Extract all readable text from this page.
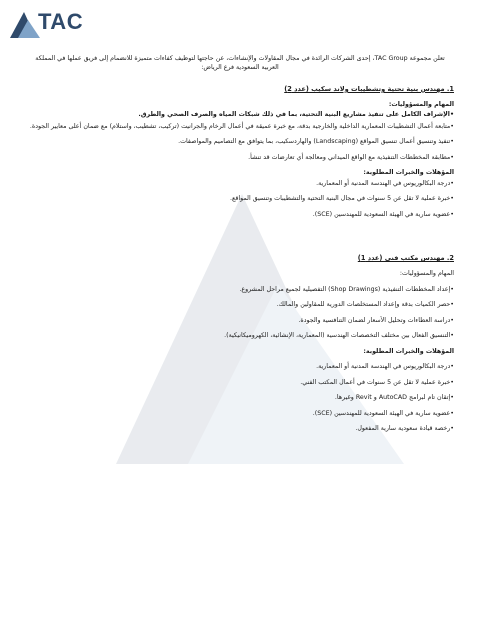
TAC

تعلن مجموعة TAC Group، إحدى الشركات الرائدة في مجال المقاولات والإنشاءات، عن حاجتها لتوظيف كفاءات متميزة للانضمام إلى فريق عملها في المملكة العربية السعودية فرع الرياض:

1. مهندس بنية تحتية وتشطيبات ولاند سكيب (عدد 2)
المهام والمسؤوليات:
•الإشراف الكامل على تنفيذ مشاريع البنية التحتية، بما في ذلك شبكات المياه والصرف الصحي والطرق.
•متابعة أعمال التشطيبات المعمارية الداخلية والخارجية بدقة، مع خبرة عميقة في أعمال الرخام والجرانيت (تركيب، تشطيب، واستلام) مع ضمان أعلى معايير الجودة.
•تنفيذ وتنسيق أعمال تنسيق المواقع (Landscaping) والهاردسكيب، بما يتوافق مع التصاميم والمواصفات.
•مطابقة المخططات التنفيذية مع الواقع الميداني ومعالجة أي تعارضات قد تنشأ.
المؤهلات والخبرات المطلوبة:
•درجة البكالوريوس في الهندسة المدنية أو المعمارية.
•خبرة عملية لا تقل عن 5 سنوات في مجال البنية التحتية والتشطيبات وتنسيق المواقع.
•عضوية سارية في الهيئة السعودية للمهندسين (SCE).
2. مهندس مكتب فني (عدد 1)
المهام والمسؤوليات:
•إعداد المخططات التنفيذية (Shop Drawings) التفصيلية لجميع مراحل المشروع.
•حصر الكميات بدقة وإعداد المستخلصات الدورية للمقاولين والمالك.
•دراسة العطاءات وتحليل الأسعار لضمان التنافسية والجودة.
•التنسيق الفعال بين مختلف التخصصات الهندسية (المعمارية، الإنشائية، الكهروميكانيكية).
المؤهلات والخبرات المطلوبة:
•درجة البكالوريوس في الهندسة المدنية أو المعمارية.
•خبرة عملية لا تقل عن 5 سنوات في أعمال المكتب الفني.
•إتقان تام لبرامج AutoCAD و Revit وغيرها.
•عضوية سارية في الهيئة السعودية للمهندسين (SCE).
•رخصة قيادة سعودية سارية المفعول.
